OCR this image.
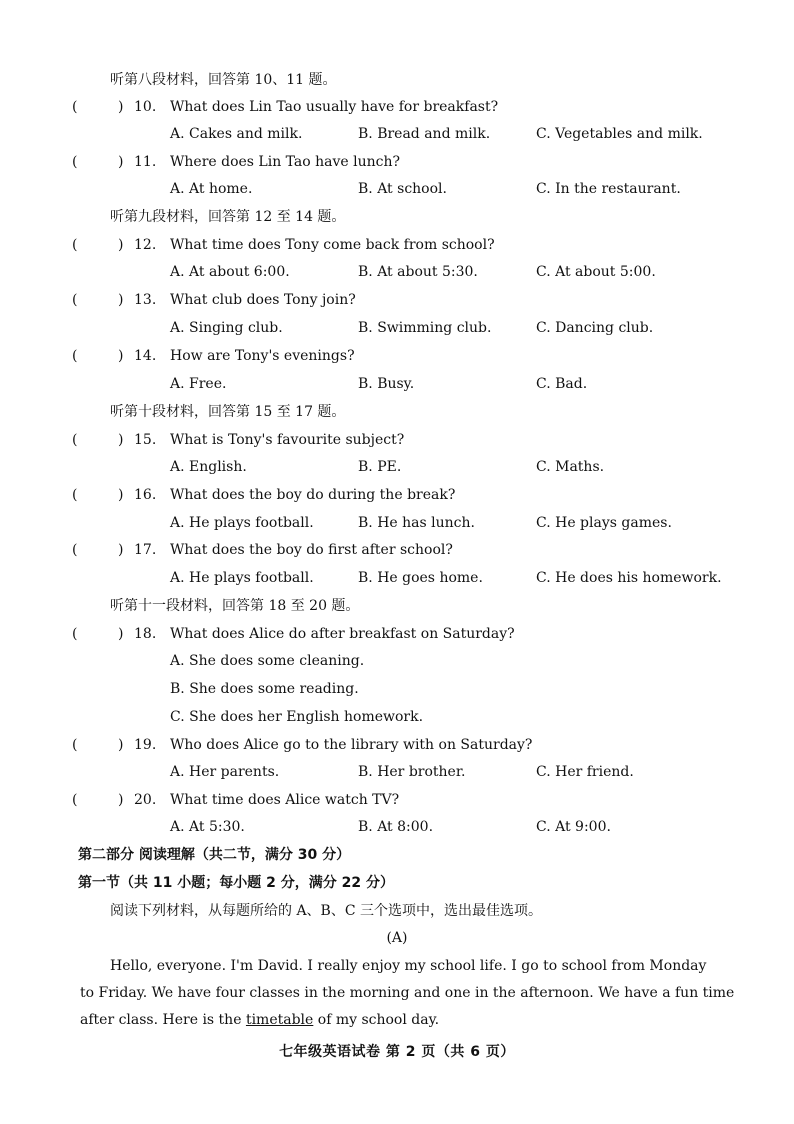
听第八段材料，回答第 10、11 题。
(	) 10. What does Lin Tao usually have for breakfast?
A. Cakes and milk.	B. Bread and milk.	C. Vegetables and milk.
(	) 11. Where does Lin Tao have lunch?
A. At home.	B. At school.	C. In the restaurant.
听第九段材料，回答第 12 至 14 题。
(	) 12. What time does Tony come back from school?
A. At about 6:00.	B. At about 5:30.	C. At about 5:00.
(	) 13. What club does Tony join?
A. Singing club.	B. Swimming club.	C. Dancing club.
(	) 14. How are Tony's evenings?
A. Free.	B. Busy.	C. Bad.
听第十段材料，回答第 15 至 17 题。
(	) 15. What is Tony's favourite subject?
A. English.	B. PE.	C. Maths.
(	) 16. What does the boy do during the break?
A. He plays football.	B. He has lunch.	C. He plays games.
(	) 17. What does the boy do first after school?
A. He plays football.	B. He goes home.	C. He does his homework.
听第十一段材料，回答第 18 至 20 题。
(	) 18. What does Alice do after breakfast on Saturday?
A. She does some cleaning.
B. She does some reading.
C. She does her English homework.
(	) 19. Who does Alice go to the library with on Saturday?
A. Her parents.	B. Her brother.	C. Her friend.
(	) 20. What time does Alice watch TV?
A. At 5:30.	B. At 8:00.	C. At 9:00.
第二部分 阅读理解（共二节，满分 30 分）
第一节（共 11 小题；每小题 2 分，满分 22 分）
阅读下列材料，从每题所给的 A、B、C 三个选项中，选出最佳选项。
(A)
Hello, everyone. I'm David. I really enjoy my school life. I go to school from Monday
to Friday. We have four classes in the morning and one in the afternoon. We have a fun time
after class. Here is the timetable of my school day.
七年级英语试卷 第 2 页（共 6 页）
